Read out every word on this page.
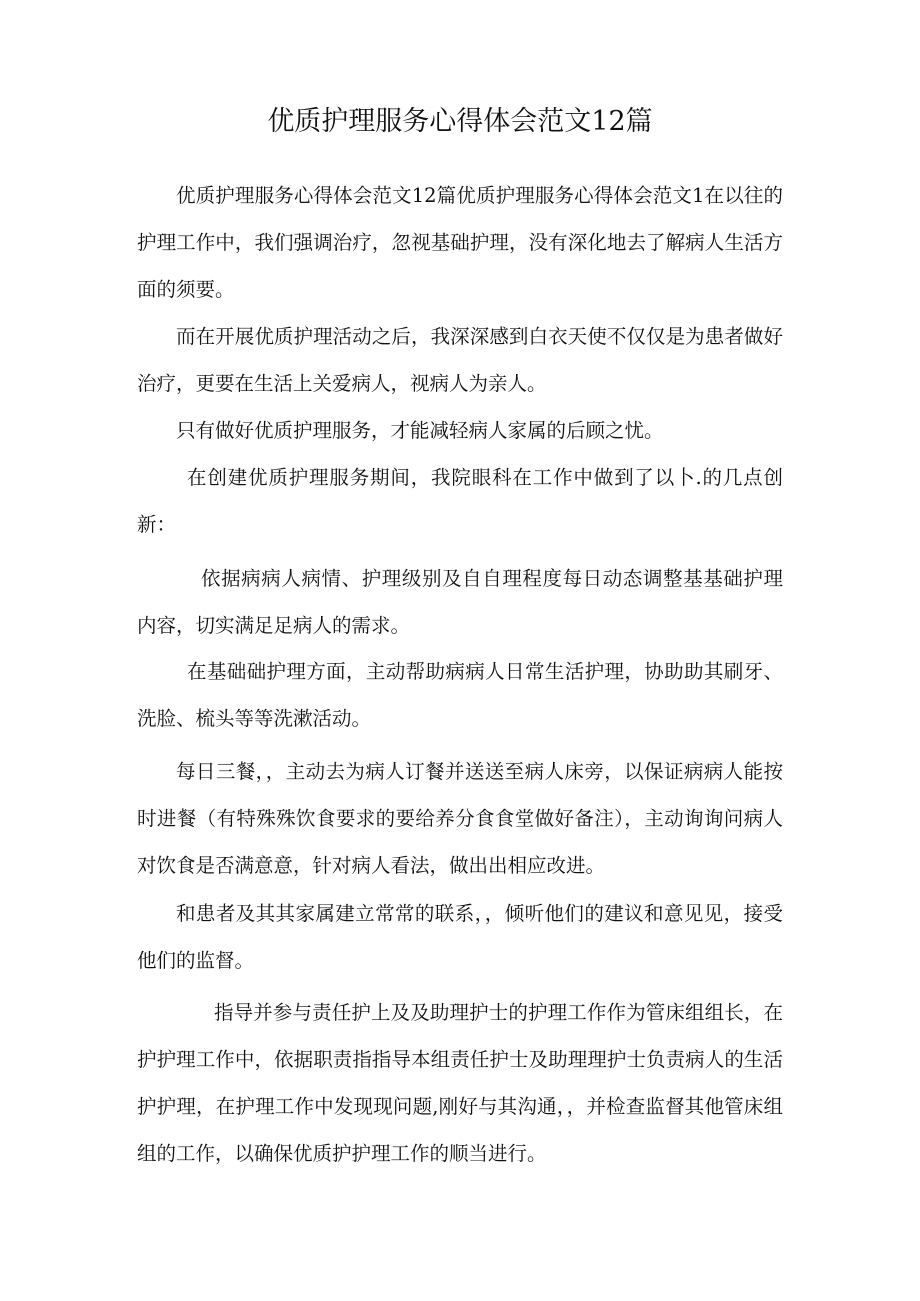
优质护理服务心得体会范文12篇

优质护理服务心得体会范文12篇优质护理服务心得体会范文1在以往的护理工作中，我们强调治疗，忽视基础护理，没有深化地去了解病人生活方面的须要。

而在开展优质护理活动之后，我深深感到白衣天使不仅仅是为患者做好治疗，更要在生活上关爱病人，视病人为亲人。

只有做好优质护理服务，才能减轻病人家属的后顾之忧。

在创建优质护理服务期间，我院眼科在工作中做到了以卜.的几点创新：

依据病病人病情、护理级别及自自理程度每日动态调整基基础护理内容，切实满足足病人的需求。

在基础础护理方面，主动帮助病病人日常生活护理，协助助其刷牙、洗脸、梳头等等洗漱活动。

每日三餐，，主动去为病人订餐并送送至病人床旁，以保证病病人能按时进餐（有特殊殊饮食要求的要给养分食食堂做好备注），主动询询问病人对饮食是否满意意，针对病人看法，做出出相应改进。

和患者及其其家属建立常常的联系，，倾听他们的建议和意见见，接受他们的监督。

指导并参与责任护上及及助理护士的护理工作作为管床组组长，在护护理工作中，依据职责指指导本组责任护士及助理理护士负责病人的生活护护理，在护理工作中发现现问题,刚好与其沟通，，并检查监督其他管床组组的工作，以确保优质护护理工作的顺当进行。
